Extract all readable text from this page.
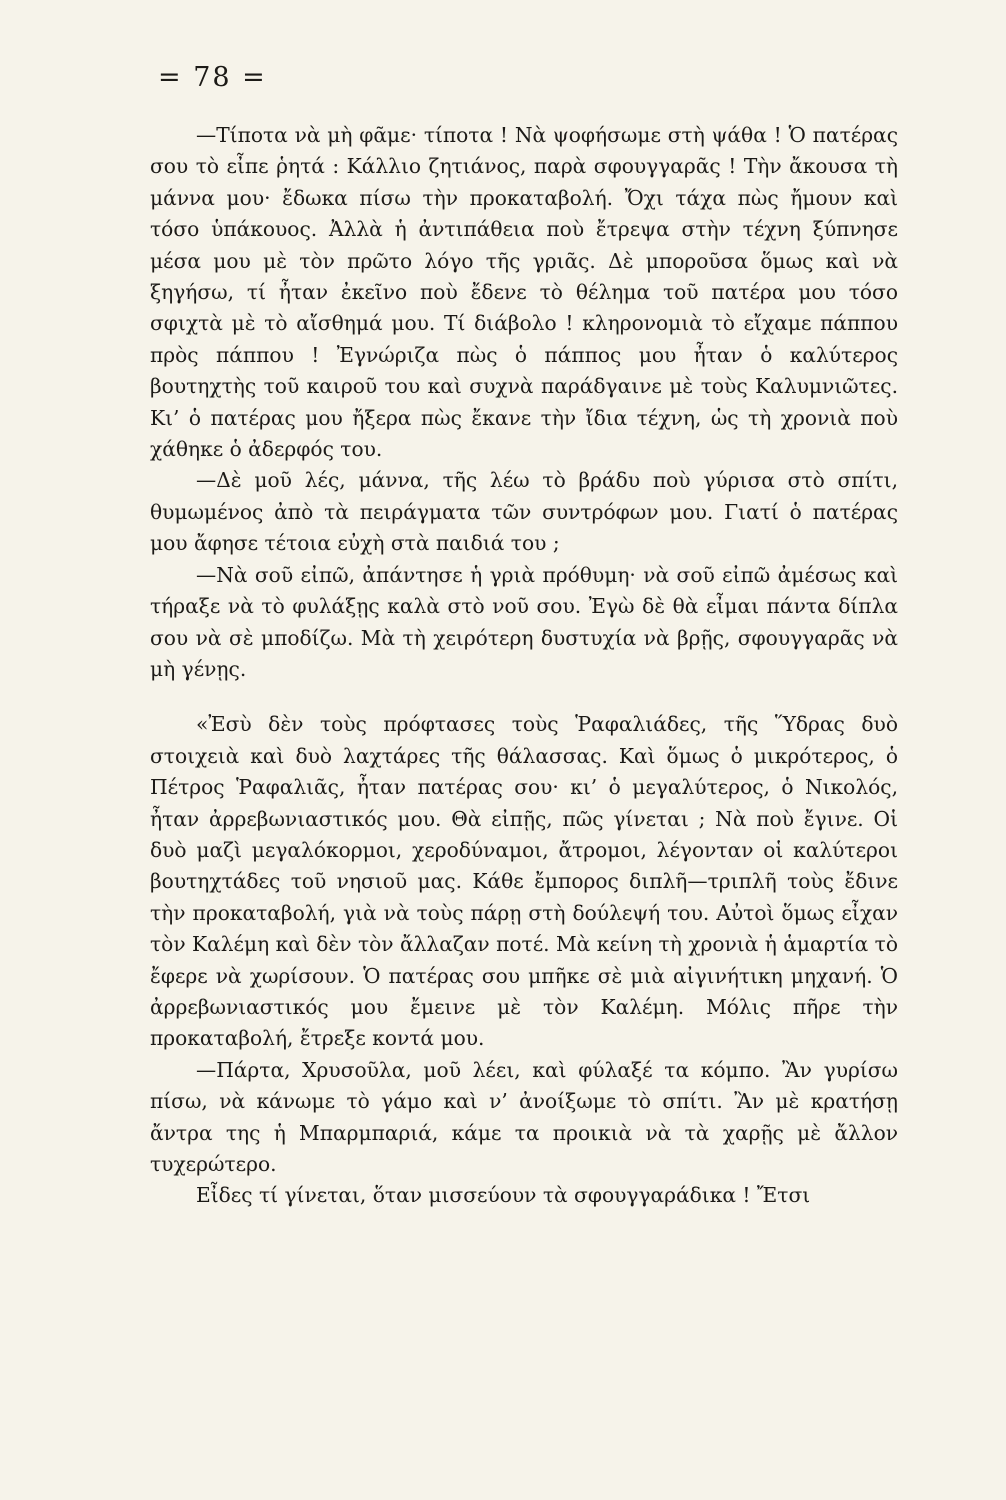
= 78 =

—Τίποτα νὰ μὴ φᾶμε· τίποτα ! Νὰ ψοφήσωμε στὴ ψάθα ! Ὁ πατέρας σου τὸ εἶπε ῥητά : Κάλλιο ζητιάνος, παρὰ σφουγγαρᾶς ! Τὴν ἄκουσα τὴ μάννα μου· ἔδωκα πίσω τὴν προκαταβολή. Ὄχι τάχα πὼς ἤμουν καὶ τόσο ὑπάκουος. Ἀλλὰ ἡ ἀντιπάθεια ποὺ ἔτρεψα στὴν τέχνη ξύπνησε μέσα μου μὲ τὸν πρῶτο λόγο τῆς γριᾶς. Δὲ μποροῦσα ὅμως καὶ νὰ ξηγήσω, τί ἦταν ἐκεῖνο ποὺ ἔδενε τὸ θέλημα τοῦ πατέρα μου τόσο σφιχτὰ μὲ τὸ αἴσθημά μου. Τί διάβολο ! κληρονομιὰ τὸ εἴχαμε πάππου πρὸς πάππου ! Ἐγνώριζα πὼς ὁ πάππος μου ἦταν ὁ καλύτερος βουτηχτὴς τοῦ καιροῦ του καὶ συχνὰ παράδγαινε μὲ τοὺς Καλυμνιῶτες. Κι’ ὁ πατέρας μου ἤξερα πὼς ἔκανε τὴν ἴδια τέχνη, ὡς τὴ χρονιὰ ποὺ χάθηκε ὁ ἀδερφός του.

—Δὲ μοῦ λές, μάννα, τῆς λέω τὸ βράδυ ποὺ γύρισα στὸ σπίτι, θυμωμένος ἀπὸ τὰ πειράγματα τῶν συντρόφων μου. Γιατί ὁ πατέρας μου ἄφησε τέτοια εὐχὴ στὰ παιδιά του ;

—Νὰ σοῦ εἰπῶ, ἀπάντησε ἡ γριὰ πρόθυμη· νὰ σοῦ εἰπῶ ἀμέσως καὶ τήραξε νὰ τὸ φυλάξῃς καλὰ στὸ νοῦ σου. Ἐγὼ δὲ θὰ εἶμαι πάντα δίπλα σου νὰ σὲ μποδίζω. Μὰ τὴ χειρότερη δυστυχία νὰ βρῇς, σφουγγαρᾶς νὰ μὴ γένῃς.

«Ἐσὺ δὲν τοὺς πρόφτασες τοὺς Ῥαφαλιάδες, τῆς Ὕδρας δυὸ στοιχειὰ καὶ δυὸ λαχτάρες τῆς θάλασσας. Καὶ ὅμως ὁ μικρότερος, ὁ Πέτρος Ῥαφαλιᾶς, ἦταν πατέρας σου· κι’ ὁ μεγαλύτερος, ὁ Νικολός, ἦταν ἀρρεβωνιαστικός μου. Θὰ εἰπῇς, πῶς γίνεται ; Νὰ ποὺ ἔγινε. Οἱ δυὸ μαζὶ μεγαλόκορμοι, χεροδύναμοι, ἄτρομοι, λέγονταν οἱ καλύτεροι βουτηχτάδες τοῦ νησιοῦ μας. Κάθε ἔμπορος διπλῆ—τριπλῆ τοὺς ἔδινε τὴν προκαταβολή, γιὰ νὰ τοὺς πάρῃ στὴ δούλεψή του. Αὐτοὶ ὅμως εἶχαν τὸν Καλέμη καὶ δὲν τὸν ἄλλαζαν ποτέ. Μὰ κείνη τὴ χρονιὰ ἡ ἁμαρτία τὸ ἔφερε νὰ χωρίσουν. Ὁ πατέρας σου μπῆκε σὲ μιὰ αἰγινήτικη μηχανή. Ὁ ἀρρεβωνιαστικός μου ἔμεινε μὲ τὸν Καλέμη. Μόλις πῆρε τὴν προκαταβολή, ἔτρεξε κοντά μου.

—Πάρτα, Χρυσοῦλα, μοῦ λέει, καὶ φύλαξέ τα κόμπο. Ἂν γυρίσω πίσω, νὰ κάνωμε τὸ γάμο καὶ ν’ ἀνοίξωμε τὸ σπίτι. Ἂν μὲ κρατήσῃ ἄντρα της ἡ Μπαρμπαριά, κάμε τα προικιὰ νὰ τὰ χαρῇς μὲ ἄλλον τυχερώτερο.

Εἶδες τί γίνεται, ὅταν μισσεύουν τὰ σφουγγαράδικα ! Ἔτσι
